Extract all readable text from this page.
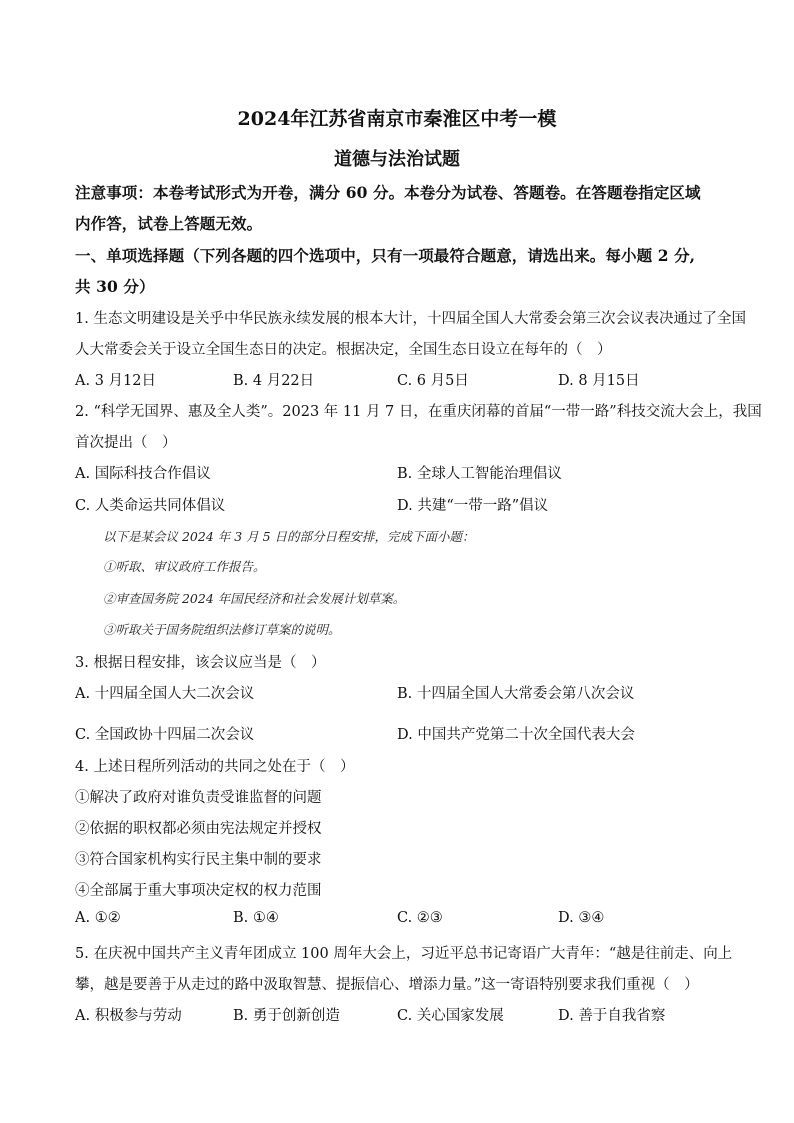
2024年江苏省南京市秦淮区中考一模
道德与法治试题
注意事项：本卷考试形式为开卷，满分 60 分。本卷分为试卷、答题卷。在答题卷指定区域
内作答，试卷上答题无效。
一、单项选择题（下列各题的四个选项中，只有一项最符合题意，请选出来。每小题 2 分,
共 30 分）
1. 生态文明建设是关乎中华民族永续发展的根本大计，十四届全国人大常委会第三次会议表决通过了全国
人大常委会关于设立全国生态日的决定。根据决定，全国生态日设立在每年的（　）
A. 3 月12日	B. 4 月22日	C. 6 月5日	D. 8 月15日
2. “科学无国界、惠及全人类”。2023 年 11 月 7 日，在重庆闭幕的首届“一带一路”科技交流大会上，我国
首次提出（　）
A. 国际科技合作倡议	B. 全球人工智能治理倡议
C. 人类命运共同体倡议	D. 共建“一带一路”倡议
以下是某会议 2024 年 3 月 5 日的部分日程安排，完成下面小题：
①听取、审议政府工作报告。
②审查国务院 2024 年国民经济和社会发展计划草案。
③听取关于国务院组织法修订草案的说明。
3. 根据日程安排，该会议应当是（　）
A. 十四届全国人大二次会议	B. 十四届全国人大常委会第八次会议
C. 全国政协十四届二次会议	D. 中国共产党第二十次全国代表大会
4. 上述日程所列活动的共同之处在于（　）
①解决了政府对谁负责受谁监督的问题
②依据的职权都必须由宪法规定并授权
③符合国家机构实行民主集中制的要求
④全部属于重大事项决定权的权力范围
A. ①②	B. ①④	C. ②③	D. ③④
5. 在庆祝中国共产主义青年团成立 100 周年大会上，习近平总书记寄语广大青年：“越是往前走、向上
攀，越是要善于从走过的路中汲取智慧、提振信心、增添力量。”这一寄语特别要求我们重视（　）
A. 积极参与劳动	B. 勇于创新创造	C. 关心国家发展	D. 善于自我省察
